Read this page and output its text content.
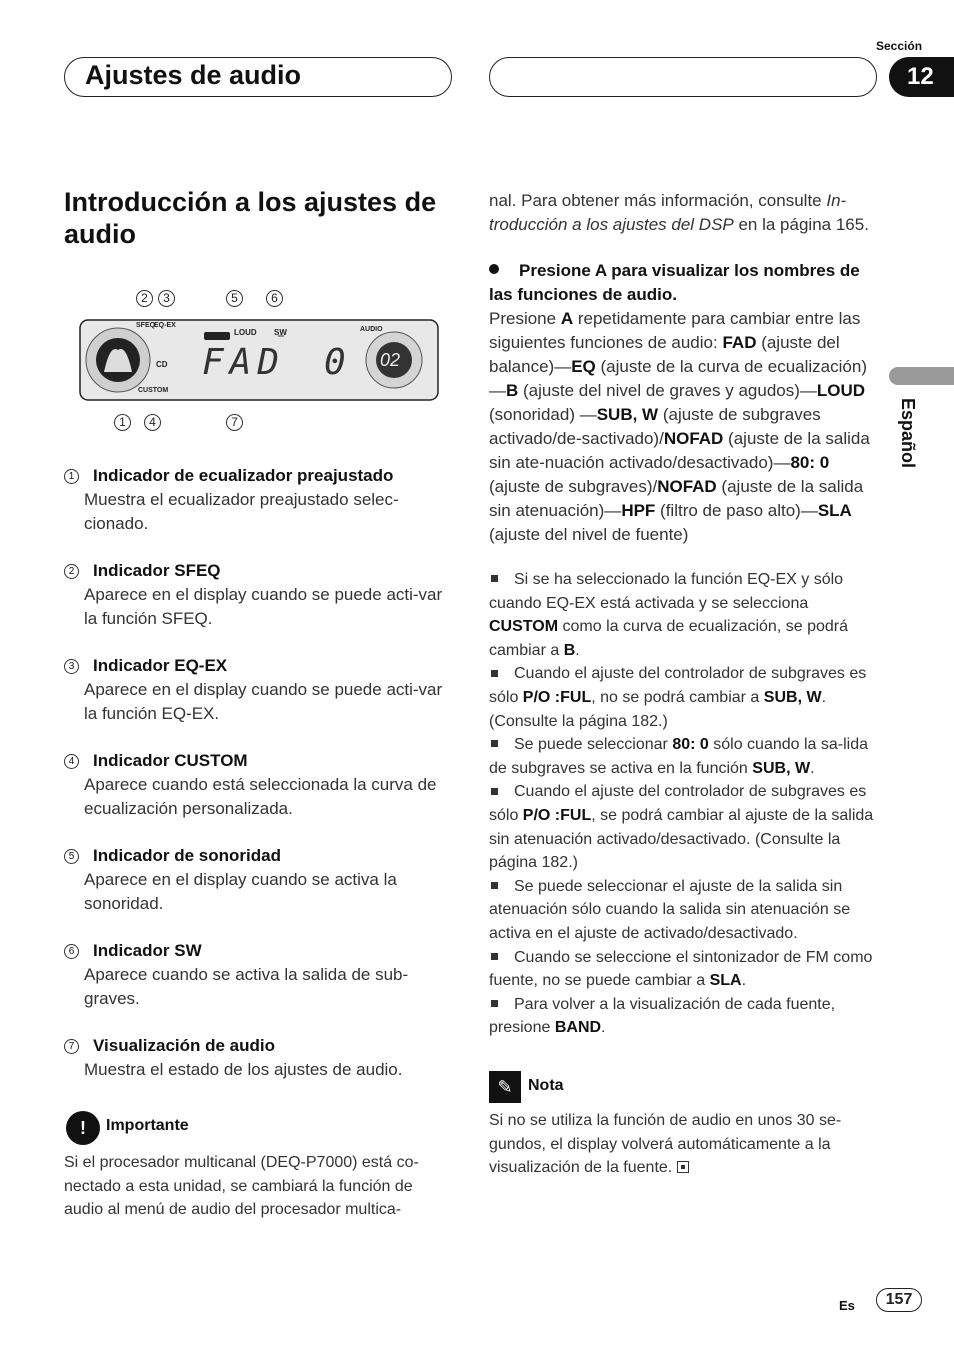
Ajustes de audio
Sección
12
Español
Introducción a los ajustes de audio
SFEQ
EQ-EX
LOUD SW	AUDIO
CD
CUSTOM
FAD 0 02
2	3	5	6
1	4	7
1 Indicador de ecualizador preajustado
Muestra el ecualizador preajustado selec-cionado.
2 Indicador SFEQ
Aparece en el display cuando se puede acti-var la función SFEQ.
3 Indicador EQ-EX
Aparece en el display cuando se puede acti-var la función EQ-EX.
4 Indicador CUSTOM
Aparece cuando está seleccionada la curva de ecualización personalizada.
5 Indicador de sonoridad
Aparece en el display cuando se activa la sonoridad.
6 Indicador SW
Aparece cuando se activa la salida de sub-graves.
7 Visualización de audio
Muestra el estado de los ajustes de audio.
!	Importante
Si el procesador multicanal (DEQ-P7000) está co-nectado a esta unidad, se cambiará la función de audio al menú de audio del procesador multica-
nal. Para obtener más información, consulte In-troducción a los ajustes del DSP en la página 165.
Presione A para visualizar los nombres de las funciones de audio.
Presione A repetidamente para cambiar entre las siguientes funciones de audio: FAD (ajuste del balance)—EQ (ajuste de la curva de ecualización)—B (ajuste del nivel de graves y agudos)—LOUD (sonoridad) —SUB, W (ajuste de subgraves activado/de-sactivado)/NOFAD (ajuste de la salida sin ate-nuación activado/desactivado)—80: 0 (ajuste de subgraves)/NOFAD (ajuste de la salida sin atenuación)—HPF (filtro de paso alto)—SLA (ajuste del nivel de fuente)
Si se ha seleccionado la función EQ-EX y sólo cuando EQ-EX está activada y se selecciona CUSTOM como la curva de ecualización, se podrá cambiar a B.
Cuando el ajuste del controlador de subgraves es sólo P/O :FUL, no se podrá cambiar a SUB, W. (Consulte la página 182.)
Se puede seleccionar 80: 0 sólo cuando la sa-lida de subgraves se activa en la función SUB, W.
Cuando el ajuste del controlador de subgraves es sólo P/O :FUL, se podrá cambiar al ajuste de la salida sin atenuación activado/desactivado. (Consulte la página 182.)
Se puede seleccionar el ajuste de la salida sin atenuación sólo cuando la salida sin atenuación se activa en el ajuste de activado/desactivado.
Cuando se seleccione el sintonizador de FM como fuente, no se puede cambiar a SLA.
Para volver a la visualización de cada fuente, presione BAND.
✎ Nota
Si no se utiliza la función de audio en unos 30 se-gundos, el display volverá automáticamente a la visualización de la fuente.
Es	157
